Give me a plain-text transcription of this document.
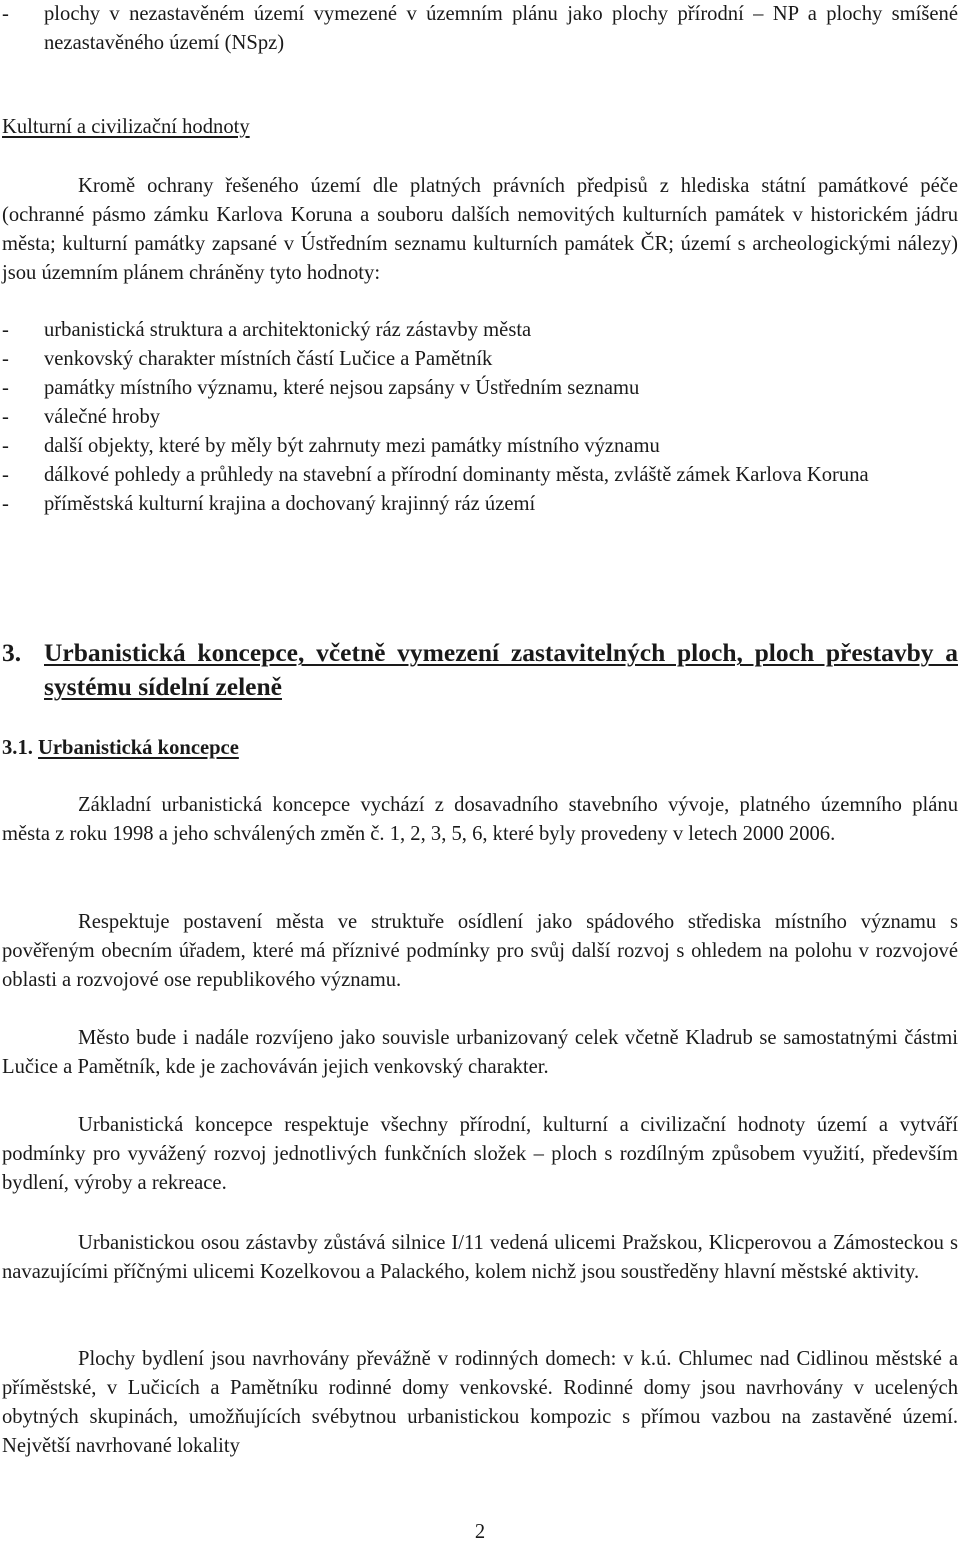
- plochy v nezastavěném území vymezené v územním plánu jako plochy přírodní – NP a plochy smíšené nezastavěného území (NSpz)

Kulturní a civilizační hodnoty

Kromě ochrany řešeného území dle platných právních předpisů z hlediska státní památkové péče (ochranné pásmo zámku Karlova Koruna a souboru dalších nemovitých kulturních památek v historickém jádru města; kulturní památky zapsané v Ústředním seznamu kulturních památek ČR; území s archeologickými nálezy) jsou územním plánem chráněny tyto hodnoty:

- urbanistická struktura a architektonický ráz zástavby města

- venkovský charakter místních částí Lučice a Pamětník

- památky místního významu, které nejsou zapsány v Ústředním seznamu

- válečné hroby

- další objekty, které by měly být zahrnuty mezi památky místního významu

- dálkové pohledy a průhledy na stavební a přírodní dominanty města, zvláště zámek Karlova Koruna

- příměstská kulturní krajina a dochovaný krajinný ráz území

3. Urbanistická koncepce, včetně vymezení zastavitelných ploch, ploch přestavby a systému sídelní zeleně

3.1. Urbanistická koncepce

Základní urbanistická koncepce vychází z dosavadního stavebního vývoje, platného územního plánu města z roku 1998 a jeho schválených změn č. 1, 2, 3, 5, 6, které byly provedeny v letech 2000 2006.

Respektuje postavení města ve struktuře osídlení jako spádového střediska místního významu s pověřeným obecním úřadem, které má příznivé podmínky pro svůj další rozvoj s ohledem na polohu v rozvojové oblasti a rozvojové ose republikového významu.

Město bude i nadále rozvíjeno jako souvisle urbanizovaný celek včetně Kladrub se samostatnými částmi Lučice a Pamětník, kde je zachováván jejich venkovský charakter.

Urbanistická koncepce respektuje všechny přírodní, kulturní a civilizační hodnoty území a vytváří podmínky pro vyvážený rozvoj jednotlivých funkčních složek – ploch s rozdílným způsobem využití, především bydlení, výroby a rekreace.

Urbanistickou osou zástavby zůstává silnice I/11 vedená ulicemi Pražskou, Klicperovou a Zámosteckou s navazujícími příčnými ulicemi Kozelkovou a Palackého, kolem nichž jsou soustředěny hlavní městské aktivity.

Plochy bydlení jsou navrhovány převážně v rodinných domech: v k.ú. Chlumec nad Cidlinou městské a příměstské, v Lučicích a Pamětníku rodinné domy venkovské. Rodinné domy jsou navrhovány v ucelených obytných skupinách, umožňujících svébytnou urbanistickou kompozic s přímou vazbou na zastavěné území. Největší navrhované lokality

2
